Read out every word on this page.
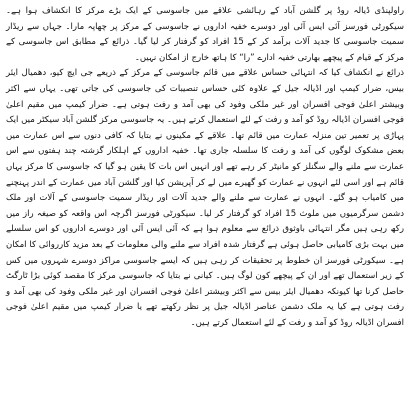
راولپنڈی ڈیالہ روڈ پر گلشن آباد کے رہائشی علاقے میں جاسوسی کے ایک بڑے مرکز کا انکشاف ہوا ہے۔ سیکورٹی فورسز آئی ایس آئی اور دوسرے خفیہ اداروں نے جاسوسی کے مرکز پر چھاپہ مارا۔ جہاں سے ریڈار سمیت جاسوسی کا جدید آلات برآمد کر کے 15 افراد کو گرفتار کر لیا گیا۔ ذرائع کے مطابق اس جاسوسی کے مرکز کے قیام کے پیچھے بھارتی خفیہ ادارے ”را“ کا ہاتھ خارج از امکان نہیں۔

ذرائع نے انکشاف کیا کہ انتہائی حساس علاقے میں قائم جاسوسی کے مرکز کے ذریعے جی ایچ کیو، دھمیال ایئر بیس، ضرار کیمپ اور اڈیالہ جیل کے علاوہ کئی حساس تنصیبات کی جاسوسی کی جاتی تھی۔ یہاں سے اکثر وبیشتر اعلیٰ فوجی افسران اور غیر ملکی وفود کی بھی آمد و رفت ہوتی ہے۔ ضرار کیمپ میں مقیم اعلیٰ فوجی افسران اڈیالہ روڈ کو آمد و رفت کے لئے استعمال کرتے ہیں۔ یہ جاسوسی مرکز گلشن آباد سیکٹر میں ایک پہاڑی پر تعمیر تین منزلہ عمارت میں قائم تھا۔ علاقے کے مکینوں نے بتایا کہ کافی دنوں سے اس عمارت میں بعض مشکوک لوگوں کی آمد و رفت کا سلسلہ جاری تھا۔ خفیہ اداروں کے اہلکار گزشتہ چند ہفتوں سے اس عمارت سے ملنے والے سگنلز کو مانیٹر کر رہے تھے اور انہیں اس بات کا یقین ہو گیا کہ جاسوسی کا مرکز یہاں قائم ہے اور اسی لئے انہوں نے عمارت کو گھیرے میں لے کر آپریشن کیا اور گلشن آباد میں عمارت کے اندر پہنچنے میں کامیاب ہو گئے۔ انہوں نے عمارت سے ملنے والے جدید آلات اور ریڈار سمیت جاسوسی کے آلات اور ملک دشمن سرگرمیوں میں ملوث 15 افراد کو گرفتار کر لیا۔ سیکورٹی فورسز اگرچہ اس واقعہ کو صیغہ راز میں رکھ رہی ہیں مگر انتہائی باوثوق ذرائع سے معلوم ہوا ہے کہ آئی ایس آئی اور دوسرے اداروں کو اس سلسلے میں بہت بڑی کامیابی حاصل ہوئی ہے گرفتار شدہ افراد سے ملنے والی معلومات کے بعد مزید کارروائی کا امکان ہے۔ سیکورٹی فورسز ان خطوط پر تحقیقات کر رہی ہیں کہ ایسے جاسوسی مراکز دوسرے شہروں میں کس کے زیر استعمال تھے اور ان کے پیچھے کون لوگ ہیں۔ کیانی نے بتایا کہ جاسوسی مرکز کا مقصد کوئی بڑا ٹارگٹ حاصل کرنا تھا کیونکہ دھمیال ایئر بیس سے اکثر وبیشتر اعلیٰ فوجی افسران اور غیر ملکی وفود کی بھی آمد و رفت ہوتی ہے کیا یہ ملک دشمن عناصر اڈیالہ جیل پر نظر رکھتے تھے یا ضرار کیمپ میں مقیم اعلیٰ فوجی افسران اڈیالہ روڈ کو آمد و رفت کے لئے استعمال کرتے ہیں۔
